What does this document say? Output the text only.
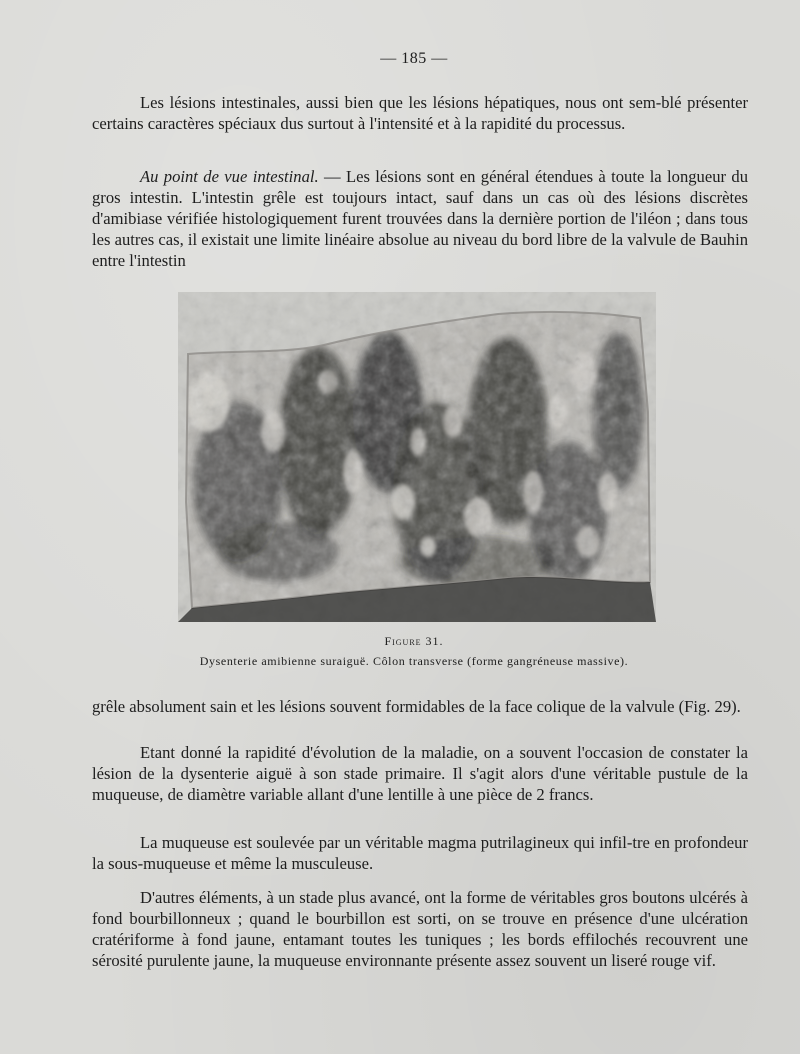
— 185 —

Les lésions intestinales, aussi bien que les lésions hépatiques, nous ont sem-blé présenter certains caractères spéciaux dus surtout à l'intensité et à la rapidité du processus.

Au point de vue intestinal. — Les lésions sont en général étendues à toute la longueur du gros intestin. L'intestin grêle est toujours intact, sauf dans un cas où des lésions discrètes d'amibiase vérifiée histologiquement furent trouvées dans la dernière portion de l'iléon ; dans tous les autres cas, il existait une limite linéaire absolue au niveau du bord libre de la valvule de Bauhin entre l'intestin

Figure 31.
Dysenterie amibienne suraiguë. Côlon transverse (forme gangréneuse massive).

grêle absolument sain et les lésions souvent formidables de la face colique de la valvule (Fig. 29).

Etant donné la rapidité d'évolution de la maladie, on a souvent l'occasion de constater la lésion de la dysenterie aiguë à son stade primaire. Il s'agit alors d'une véritable pustule de la muqueuse, de diamètre variable allant d'une lentille à une pièce de 2 francs.

La muqueuse est soulevée par un véritable magma putrilagineux qui infil-tre en profondeur la sous-muqueuse et même la musculeuse.

D'autres éléments, à un stade plus avancé, ont la forme de véritables gros boutons ulcérés à fond bourbillonneux ; quand le bourbillon est sorti, on se trouve en présence d'une ulcération cratériforme à fond jaune, entamant toutes les tuniques ; les bords effilochés recouvrent une sérosité purulente jaune, la muqueuse environnante présente assez souvent un liseré rouge vif.
